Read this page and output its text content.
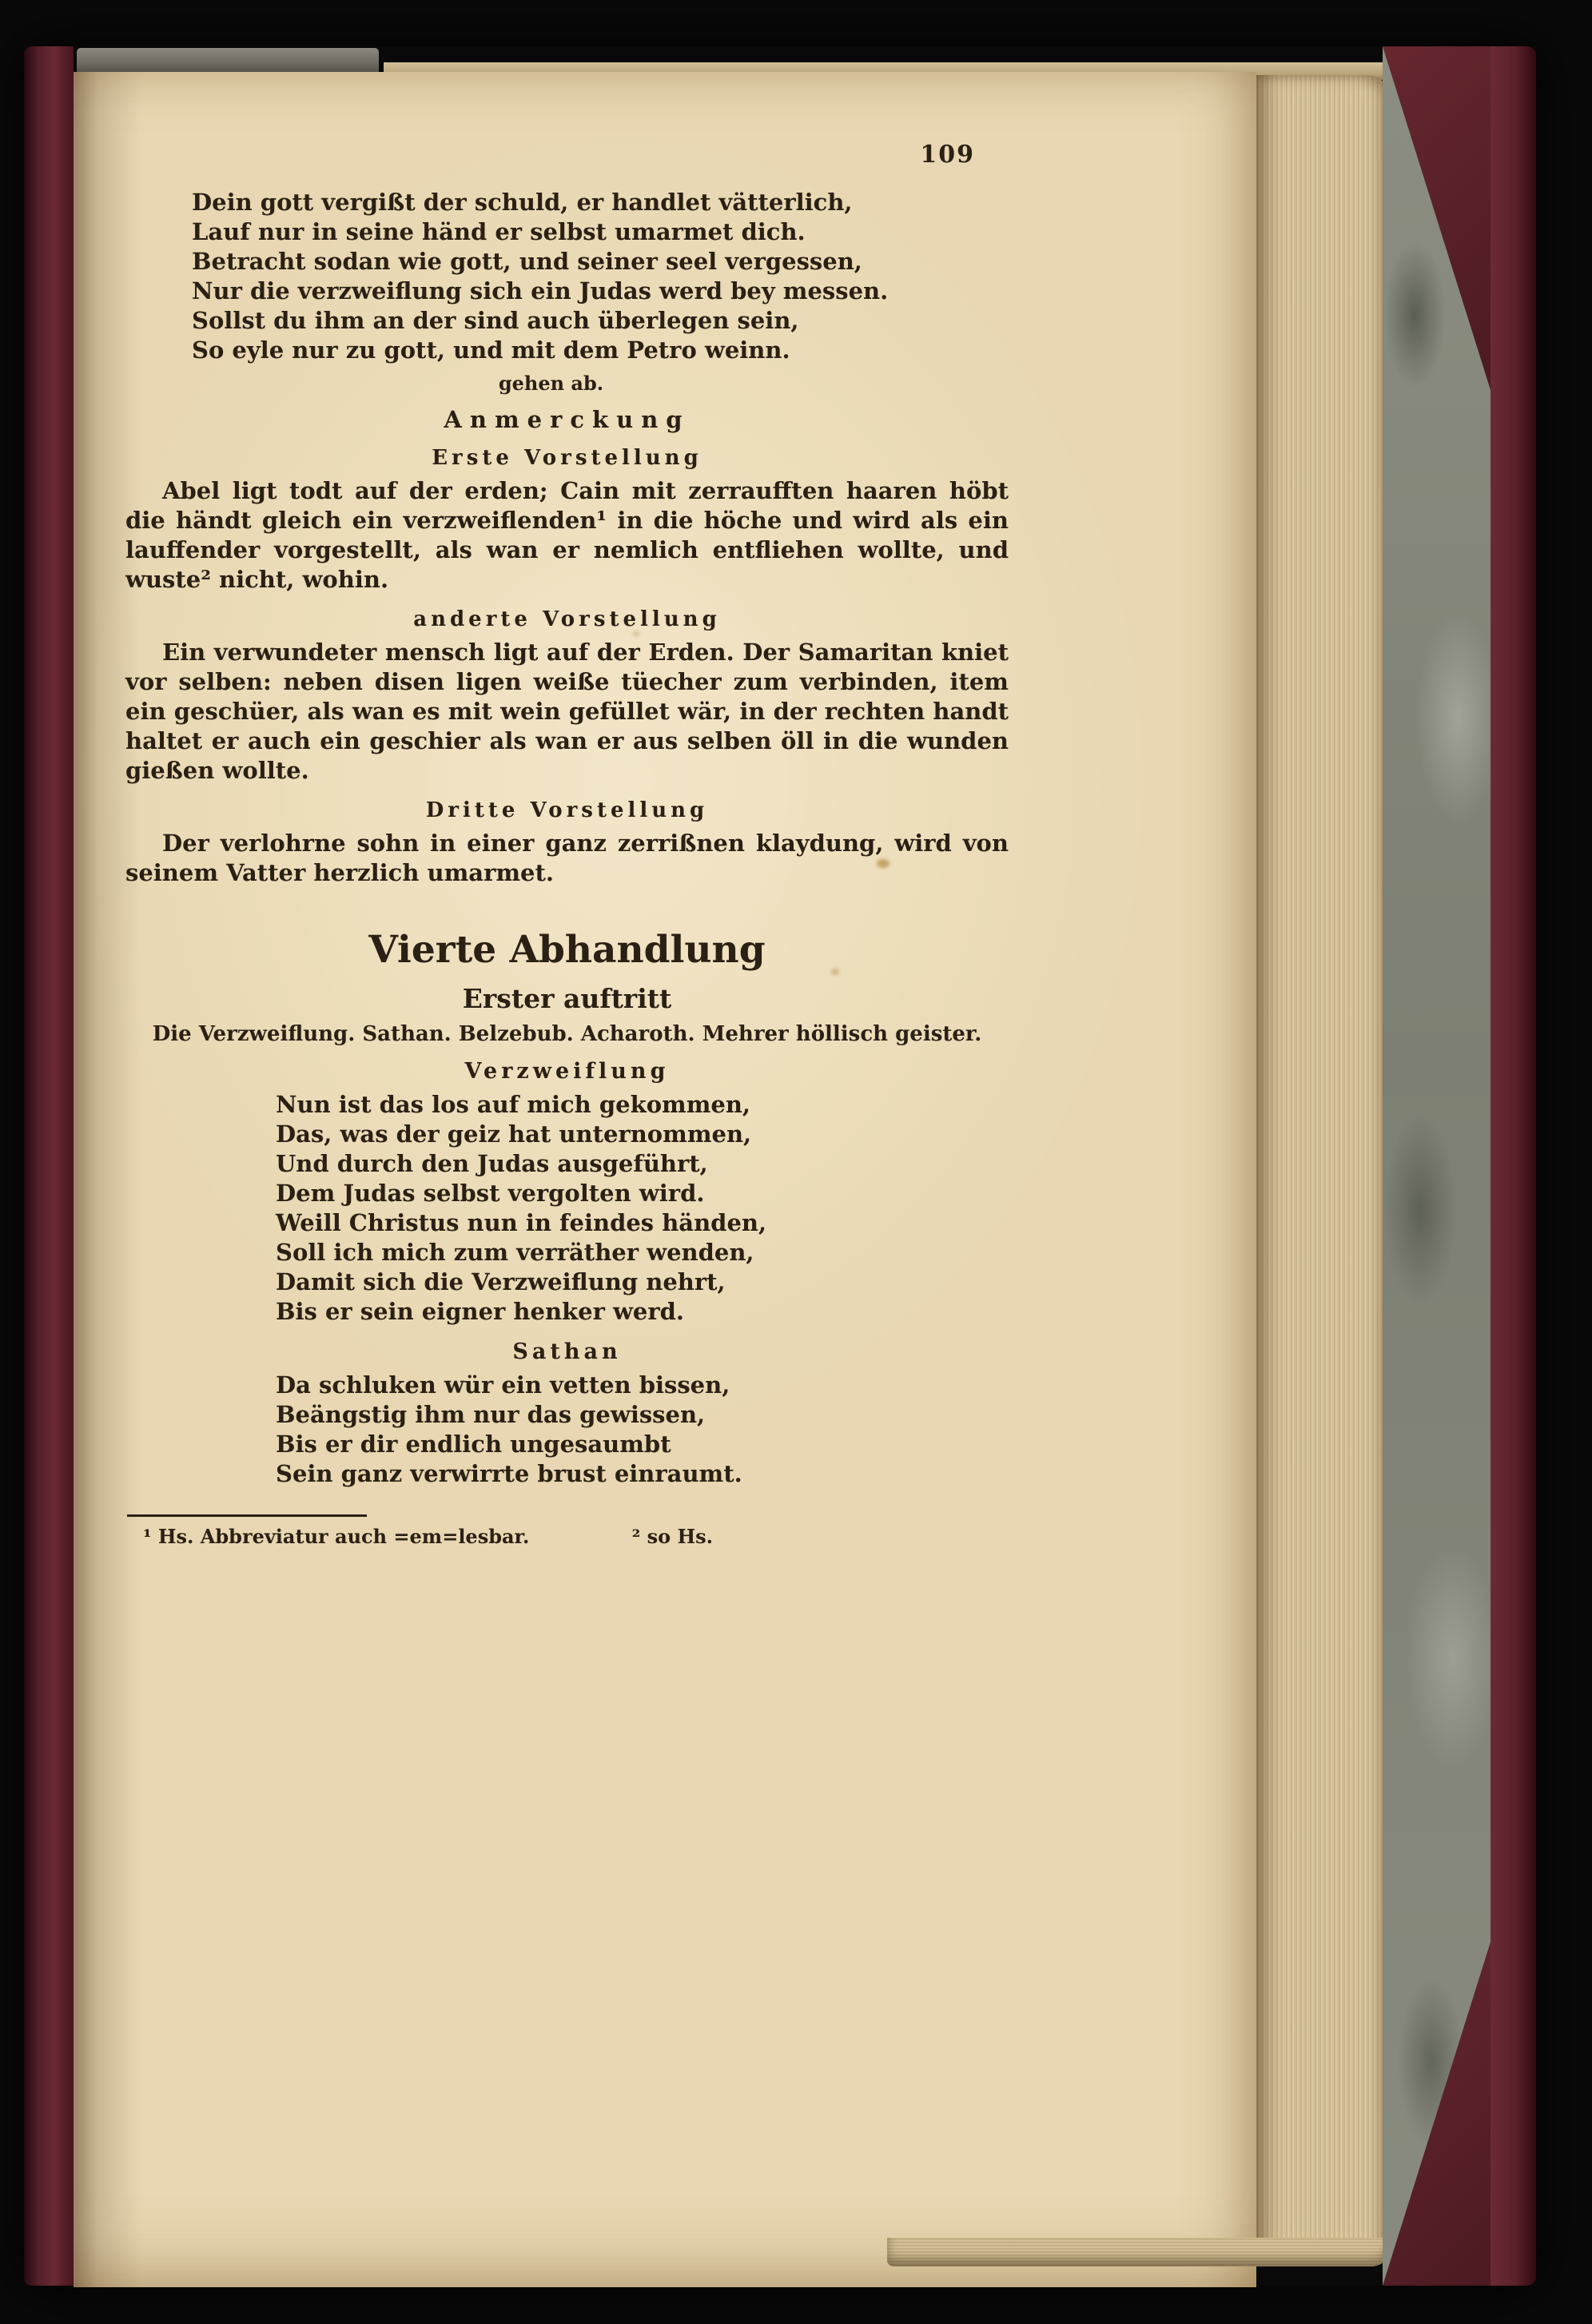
109
Dein gott vergißt der schuld, er handlet vätterlich,
Lauf nur in seine händ er selbst umarmet dich.
Betracht sodan wie gott, und seiner seel vergessen,
Nur die verzweiflung sich ein Judas werd bey messen.
Sollst du ihm an der sind auch überlegen sein,
So eyle nur zu gott, und mit dem Petro weinn.
gehen ab.
Anmerckung
Erste Vorstellung

Abel ligt todt auf der erden; Cain mit zerraufften haaren höbt die händt gleich ein verzweiflenden¹ in die höche und wird als ein lauffender vorgestellt, als wan er nemlich entfliehen wollte, und wuste² nicht, wohin.

anderte Vorstellung

Ein verwundeter mensch ligt auf der Erden. Der Samaritan kniet vor selben: neben disen ligen weiße tüecher zum verbinden, item ein geschüer, als wan es mit wein gefüllet wär, in der rechten handt haltet er auch ein geschier als wan er aus selben öll in die wunden gießen wollte.

Dritte Vorstellung

Der verlohrne sohn in einer ganz zerrißnen klaydung, wird von seinem Vatter herzlich umarmet.

Vierte Abhandlung
Erster auftritt
Die Verzweiflung. Sathan. Belzebub. Acharoth. Mehrer höllisch geister.
Verzweiflung
Nun ist das los auf mich gekommen,
Das, was der geiz hat unternommen,
Und durch den Judas ausgeführt,
Dem Judas selbst vergolten wird.
Weill Christus nun in feindes händen,
Soll ich mich zum verräther wenden,
Damit sich die Verzweiflung nehrt,
Bis er sein eigner henker werd.
Sathan
Da schluken wür ein vetten bissen,
Beängstig ihm nur das gewissen,
Bis er dir endlich ungesaumbt
Sein ganz verwirrte brust einraumt.
¹ Hs. Abbreviatur auch =em=lesbar.	² so Hs.
